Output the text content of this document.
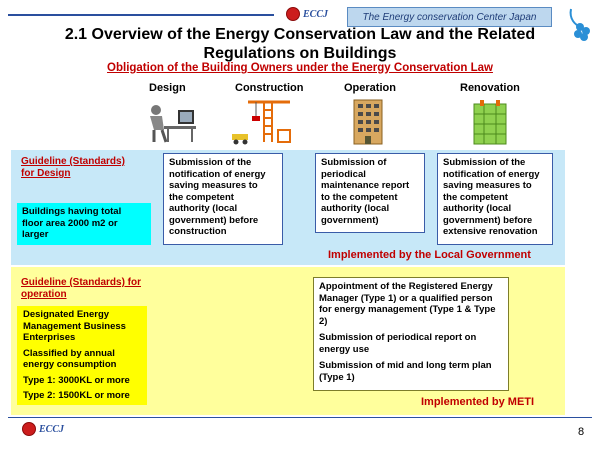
ECCJ	The Energy conservation Center Japan
2.1 Overview of the Energy Conservation Law and the Related
Regulations on Buildings
Obligation of the Building Owners under the Energy Conservation Law
Design	Construction	Operation	Renovation
Guideline (Standards)
for Design
Buildings having total
floor area 2000 m2 or
larger
Submission of the
notification of energy
saving measures to
the competent
authority (local
government) before
construction
Submission of
periodical
maintenance report
to the competent
authority (local
government)
Submission of the
notification of energy
saving measures to
the competent
authority (local
government) before
extensive renovation
Implemented by the Local Government
Guideline (Standards) for
operation
Designated Energy
Management Business
Enterprises
Classified by annual
energy consumption
Type 1: 3000KL or more
Type 2: 1500KL or more
Appointment of the Registered Energy
Manager (Type 1) or a qualified person
for energy management (Type 1 & Type
2)
Submission of periodical report on
energy use
Submission of mid and long term plan
(Type 1)
Implemented by METI
ECCJ	8
